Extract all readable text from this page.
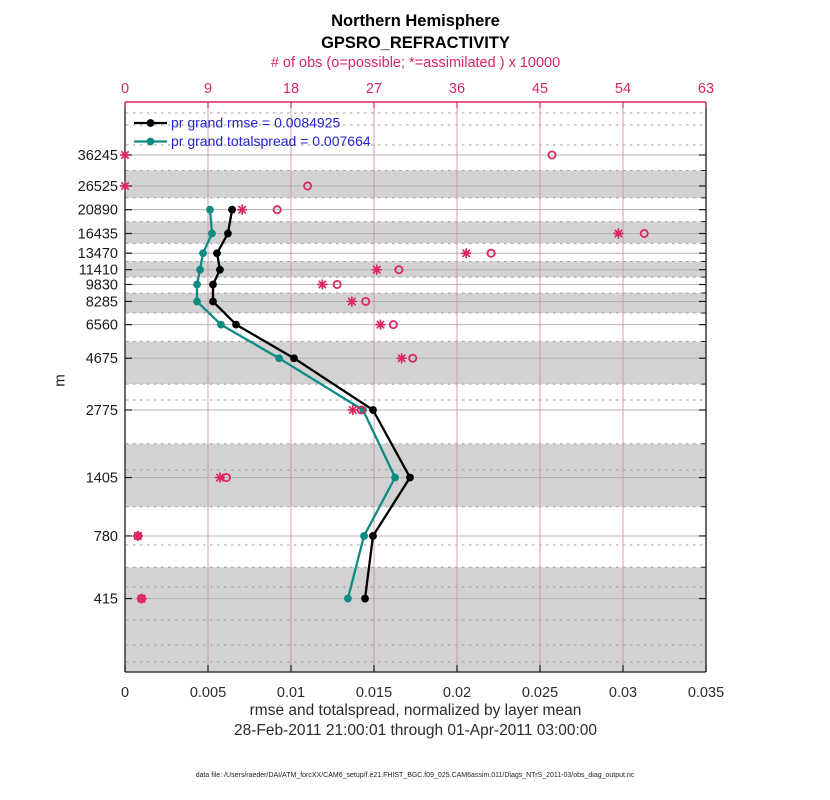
pr grand rmse = 0.0084925
pr grand totalspread = 0.007664
0	0.005	0.01	0.015	0.02	0.025	0.03	0.035
0	9	18	27	36	45	54	63
36245
26525
20890
16435
13470
11410
9830
8285
6560
4675
2775
1405
780
415
Northern Hemisphere
GPSRO_REFRACTIVITY
# of obs (o=possible; *=assimilated ) x 10000
m
rmse and totalspread, normalized by layer mean
28-Feb-2011 21:00:01 through 01-Apr-2011 03:00:00
data file: /Users/raeder/DAI/ATM_forcXX/CAM6_setup/f.e21.FHIST_BGC.f09_025.CAM6assim.011/Diags_NTrS_2011-03/obs_diag_output.nc
